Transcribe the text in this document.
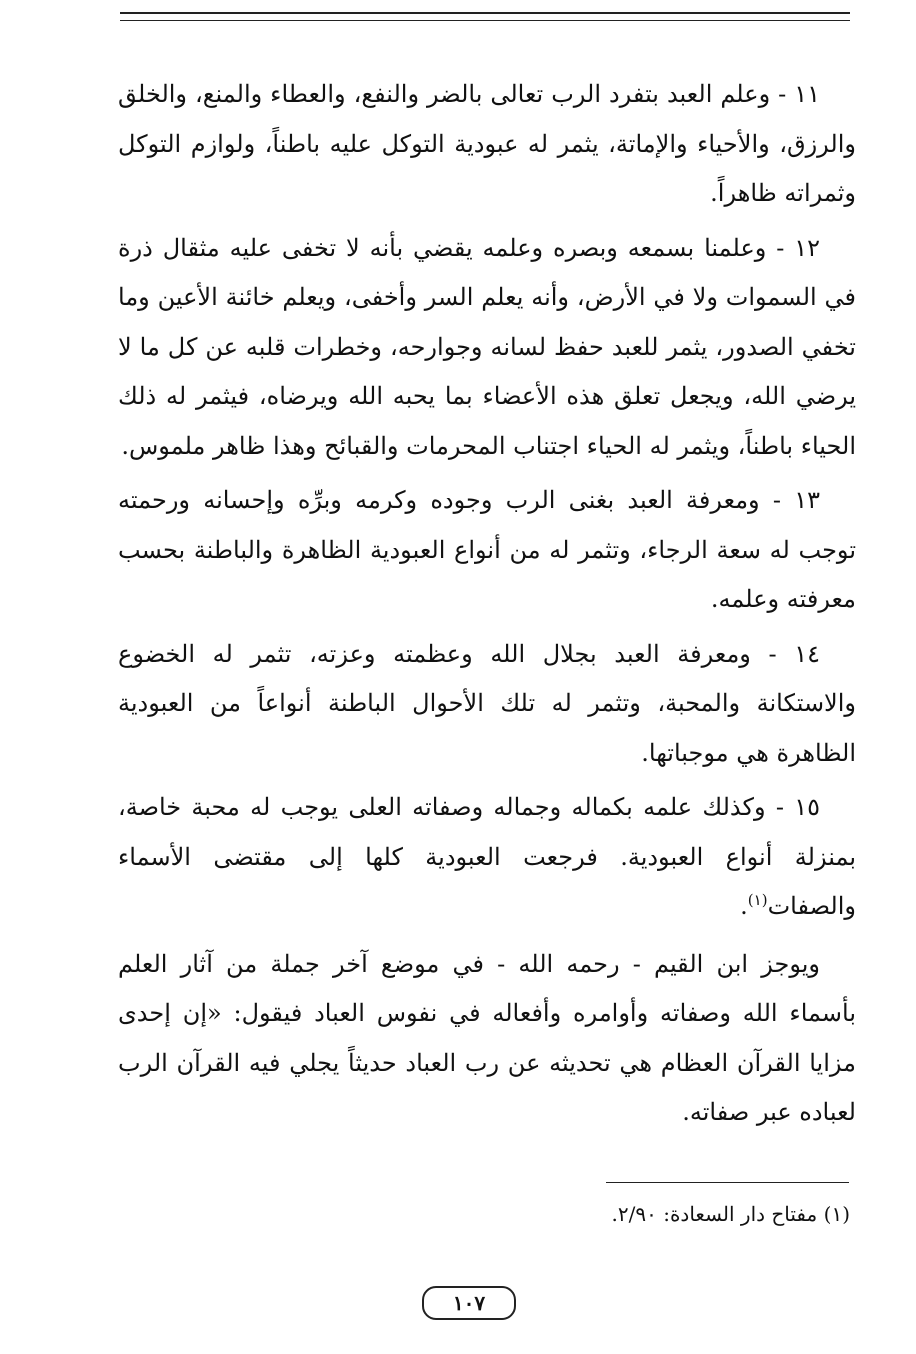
١١ - وعلم العبد بتفرد الرب تعالى بالضر والنفع، والعطاء والمنع، والخلق والرزق، والأحياء والإماتة، يثمر له عبودية التوكل عليه باطناً، ولوازم التوكل وثمراته ظاهراً.

١٢ - وعلمنا بسمعه وبصره وعلمه يقضي بأنه لا تخفى عليه مثقال ذرة في السموات ولا في الأرض، وأنه يعلم السر وأخفى، ويعلم خائنة الأعين وما تخفي الصدور، يثمر للعبد حفظ لسانه وجوارحه، وخطرات قلبه عن كل ما لا يرضي الله، ويجعل تعلق هذه الأعضاء بما يحبه الله ويرضاه، فيثمر له ذلك الحياء باطناً، ويثمر له الحياء اجتناب المحرمات والقبائح وهذا ظاهر ملموس.

١٣ - ومعرفة العبد بغنى الرب وجوده وكرمه وبرِّه وإحسانه ورحمته توجب له سعة الرجاء، وتثمر له من أنواع العبودية الظاهرة والباطنة بحسب معرفته وعلمه.

١٤ - ومعرفة العبد بجلال الله وعظمته وعزته، تثمر له الخضوع والاستكانة والمحبة، وتثمر له تلك الأحوال الباطنة أنواعاً من العبودية الظاهرة هي موجباتها.

١٥ - وكذلك علمه بكماله وجماله وصفاته العلى يوجب له محبة خاصة، بمنزلة أنواع العبودية. فرجعت العبودية كلها إلى مقتضى الأسماء والصفات$^{(١)}$.

ويوجز ابن القيم - رحمه الله - في موضع آخر جملة من آثار العلم بأسماء الله وصفاته وأوامره وأفعاله في نفوس العباد فيقول: «إن إحدى مزايا القرآن العظام هي تحديثه عن رب العباد حديثاً يجلي فيه القرآن الرب لعباده عبر صفاته.

(١) مفتاح دار السعادة: ٢/٩٠.
١٠٧
